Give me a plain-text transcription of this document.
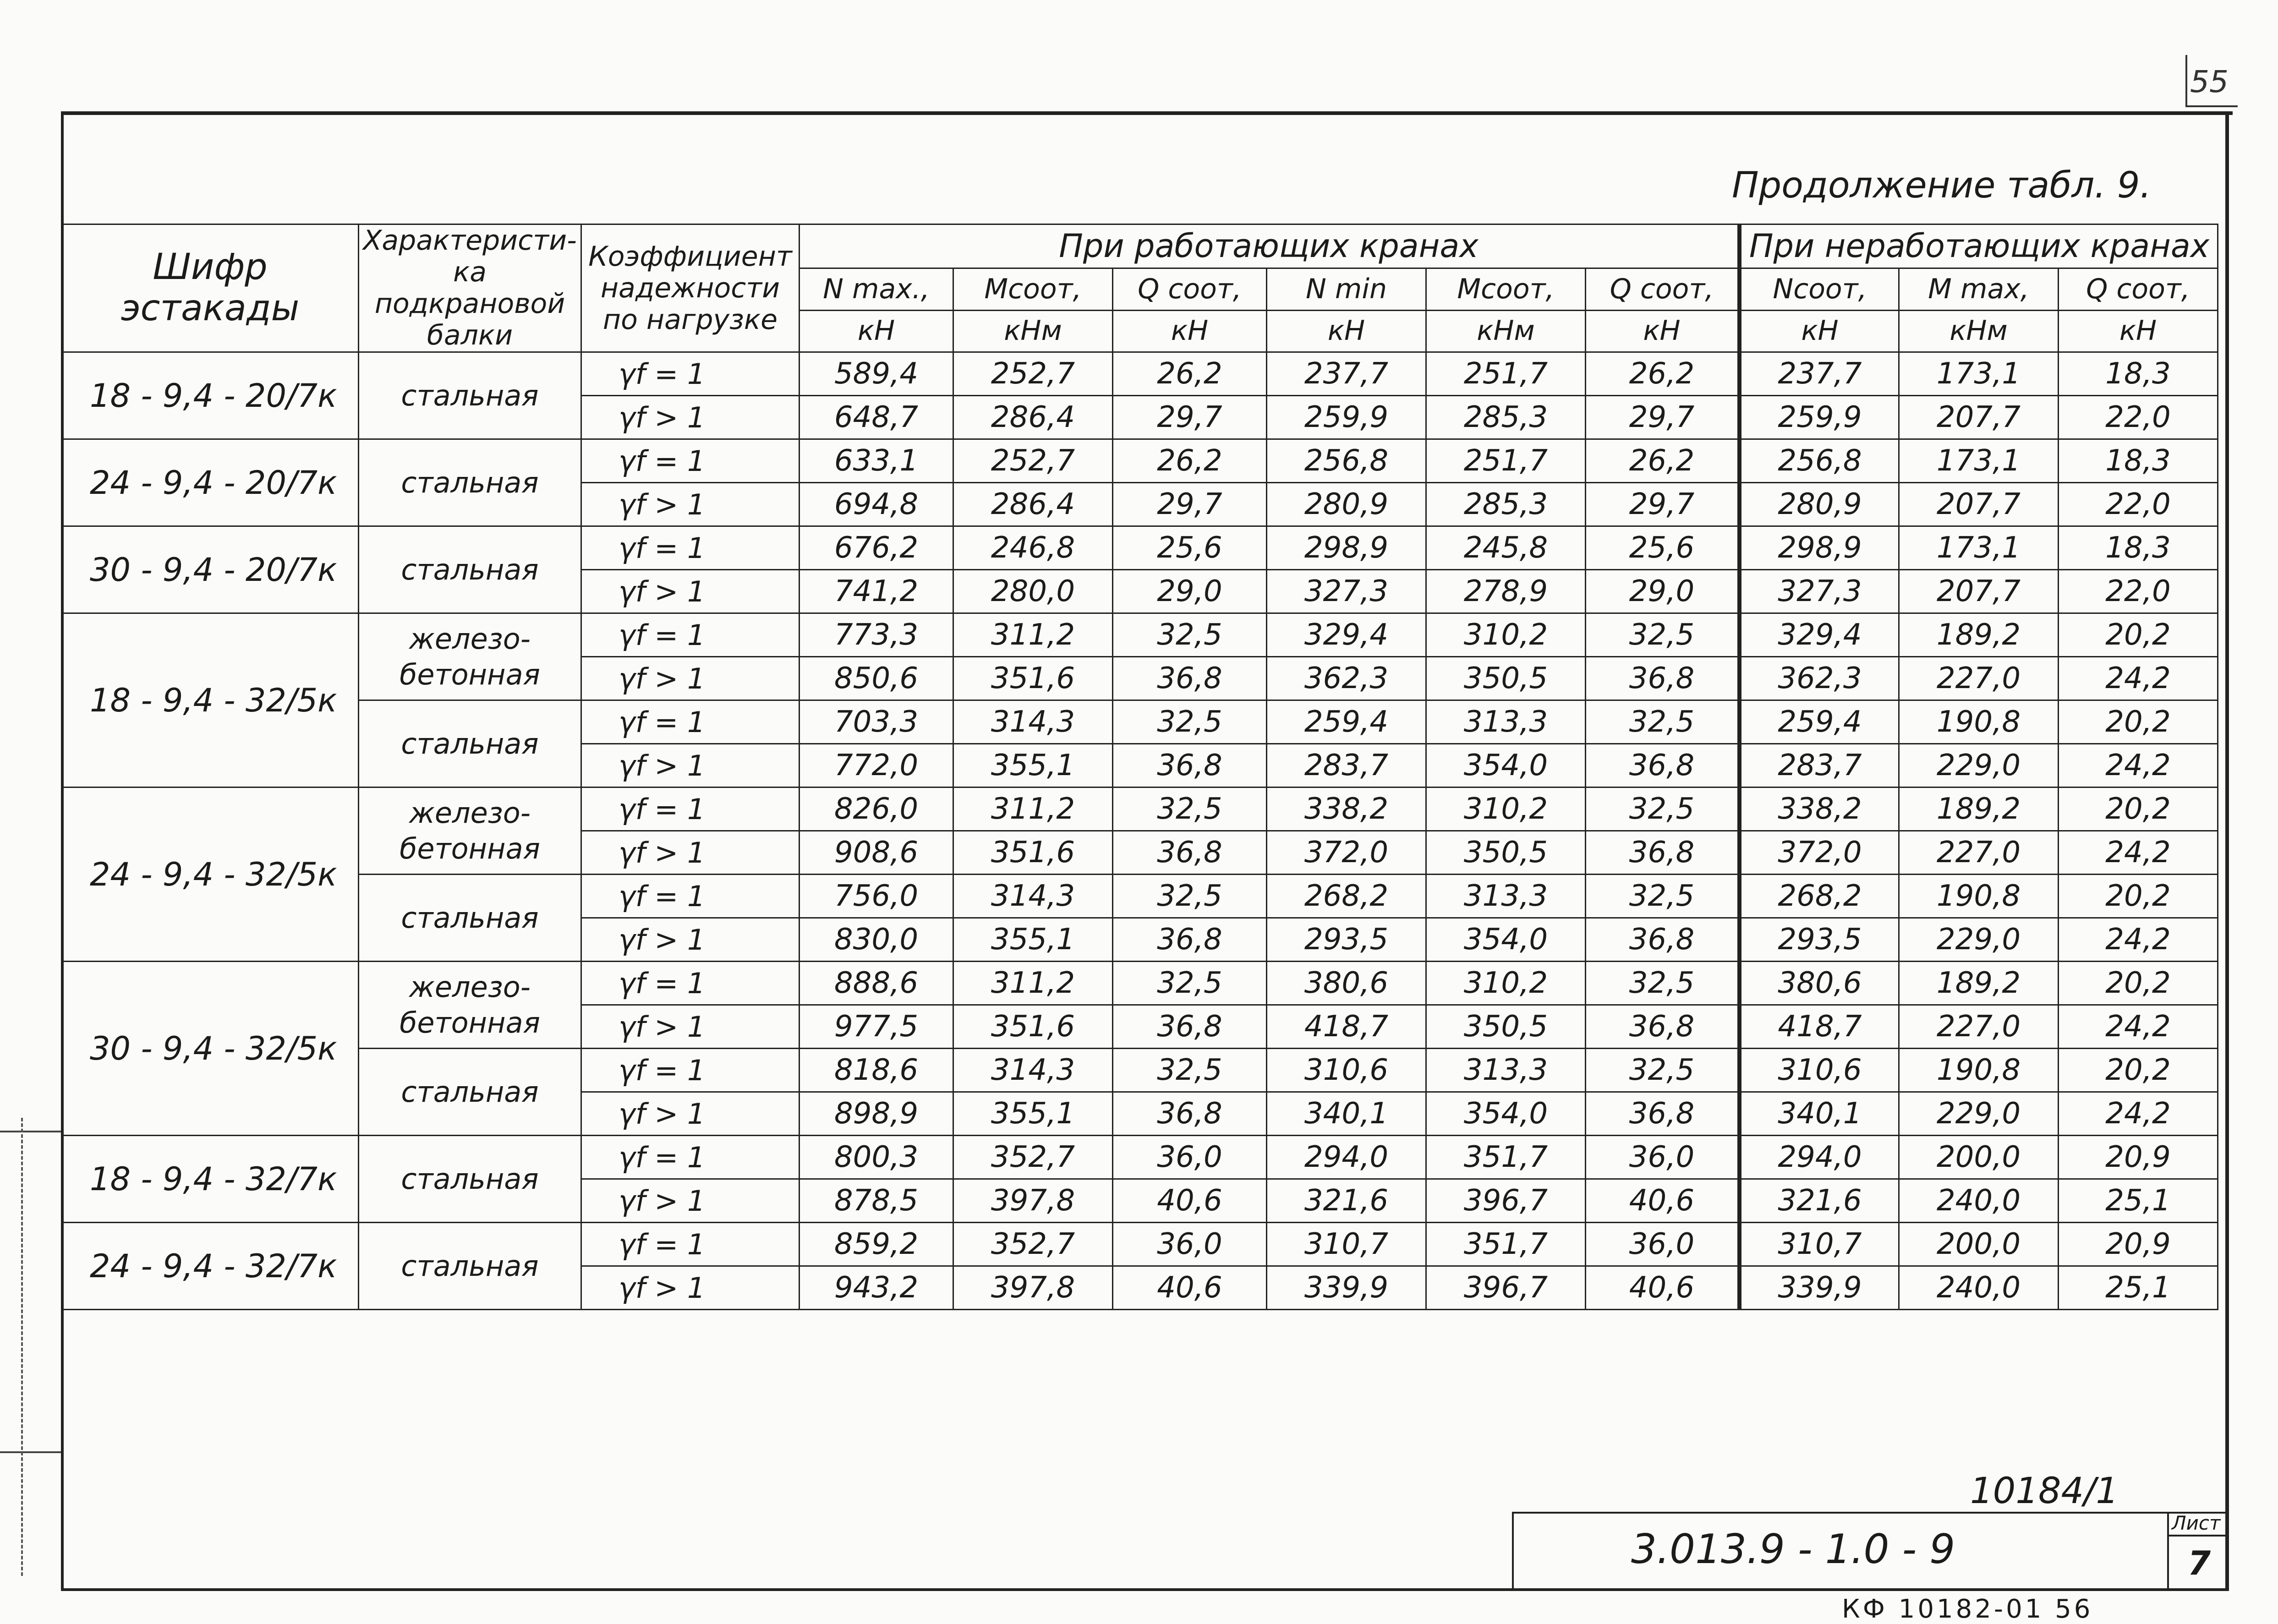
55
Продолжение табл. 9.
Шифр эстакады	Характеристи-ка подкрановой балки	Коэффициент надежности по нагрузке	При работающих кранах						При неработающих кранах		
			N max.,	Mсоот,	Q соот,	N min	Mсоот,	Q соот,	Nсоот,	M max,	Q соот,
			кН	кНм	кН	кН	кНм	кН	кН	кНм	кН
18 - 9,4 - 20/7к	стальная	γf = 1	589,4	252,7	26,2	237,7	251,7	26,2	237,7	173,1	18,3
		γf > 1	648,7	286,4	29,7	259,9	285,3	29,7	259,9	207,7	22,0
24 - 9,4 - 20/7к	стальная	γf = 1	633,1	252,7	26,2	256,8	251,7	26,2	256,8	173,1	18,3
		γf > 1	694,8	286,4	29,7	280,9	285,3	29,7	280,9	207,7	22,0
30 - 9,4 - 20/7к	стальная	γf = 1	676,2	246,8	25,6	298,9	245,8	25,6	298,9	173,1	18,3
		γf > 1	741,2	280,0	29,0	327,3	278,9	29,0	327,3	207,7	22,0
18 - 9,4 - 32/5к	железо-бетонная	γf = 1	773,3	311,2	32,5	329,4	310,2	32,5	329,4	189,2	20,2
		γf > 1	850,6	351,6	36,8	362,3	350,5	36,8	362,3	227,0	24,2
	стальная	γf = 1	703,3	314,3	32,5	259,4	313,3	32,5	259,4	190,8	20,2
		γf > 1	772,0	355,1	36,8	283,7	354,0	36,8	283,7	229,0	24,2
24 - 9,4 - 32/5к	железо-бетонная	γf = 1	826,0	311,2	32,5	338,2	310,2	32,5	338,2	189,2	20,2
		γf > 1	908,6	351,6	36,8	372,0	350,5	36,8	372,0	227,0	24,2
	стальная	γf = 1	756,0	314,3	32,5	268,2	313,3	32,5	268,2	190,8	20,2
		γf > 1	830,0	355,1	36,8	293,5	354,0	36,8	293,5	229,0	24,2
30 - 9,4 - 32/5к	железо-бетонная	γf = 1	888,6	311,2	32,5	380,6	310,2	32,5	380,6	189,2	20,2
		γf > 1	977,5	351,6	36,8	418,7	350,5	36,8	418,7	227,0	24,2
	стальная	γf = 1	818,6	314,3	32,5	310,6	313,3	32,5	310,6	190,8	20,2
		γf > 1	898,9	355,1	36,8	340,1	354,0	36,8	340,1	229,0	24,2
18 - 9,4 - 32/7к	стальная	γf = 1	800,3	352,7	36,0	294,0	351,7	36,0	294,0	200,0	20,9
		γf > 1	878,5	397,8	40,6	321,6	396,7	40,6	321,6	240,0	25,1
24 - 9,4 - 32/7к	стальная	γf = 1	859,2	352,7	36,0	310,7	351,7	36,0	310,7	200,0	20,9
		γf > 1	943,2	397,8	40,6	339,9	396,7	40,6	339,9	240,0	25,1
10184/1
3.013.9 - 1.0 - 9
Лист
7
КФ 10182-01 56
